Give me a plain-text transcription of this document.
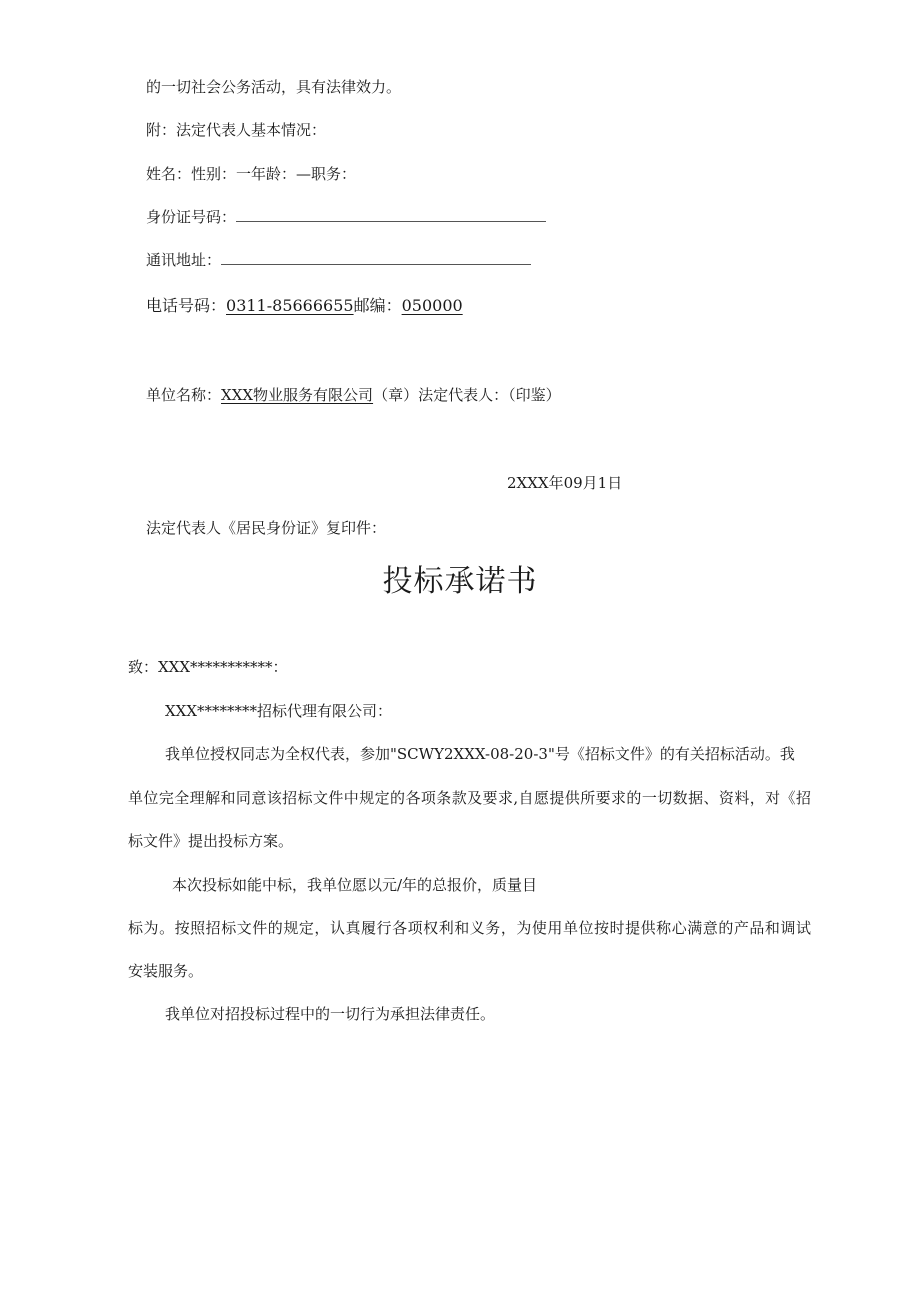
的一切社会公务活动，具有法律效力。
附：法定代表人基本情况：
姓名：性别：一年龄：—职务：
身份证号码：
通讯地址：
电话号码：0311-85666655邮编：050000
单位名称：XXX物业服务有限公司（章）法定代表人：（印鉴）
2XXX年09月1日
法定代表人《居民身份证》复印件：
投标承诺书
致：XXX***********：
XXX********招标代理有限公司：
我单位授权同志为全权代表，参加"SCWY2XXX-08-20-3"号《招标文件》的有关招标活动。我
单位完全理解和同意该招标文件中规定的各项条款及要求,自愿提供所要求的一切数据、资料，对《招
标文件》提出投标方案。
本次投标如能中标，我单位愿以元/年的总报价，质量目
标为。按照招标文件的规定，认真履行各项权利和义务，为使用单位按时提供称心满意的产品和调试
安装服务。
我单位对招投标过程中的一切行为承担法律责任。
